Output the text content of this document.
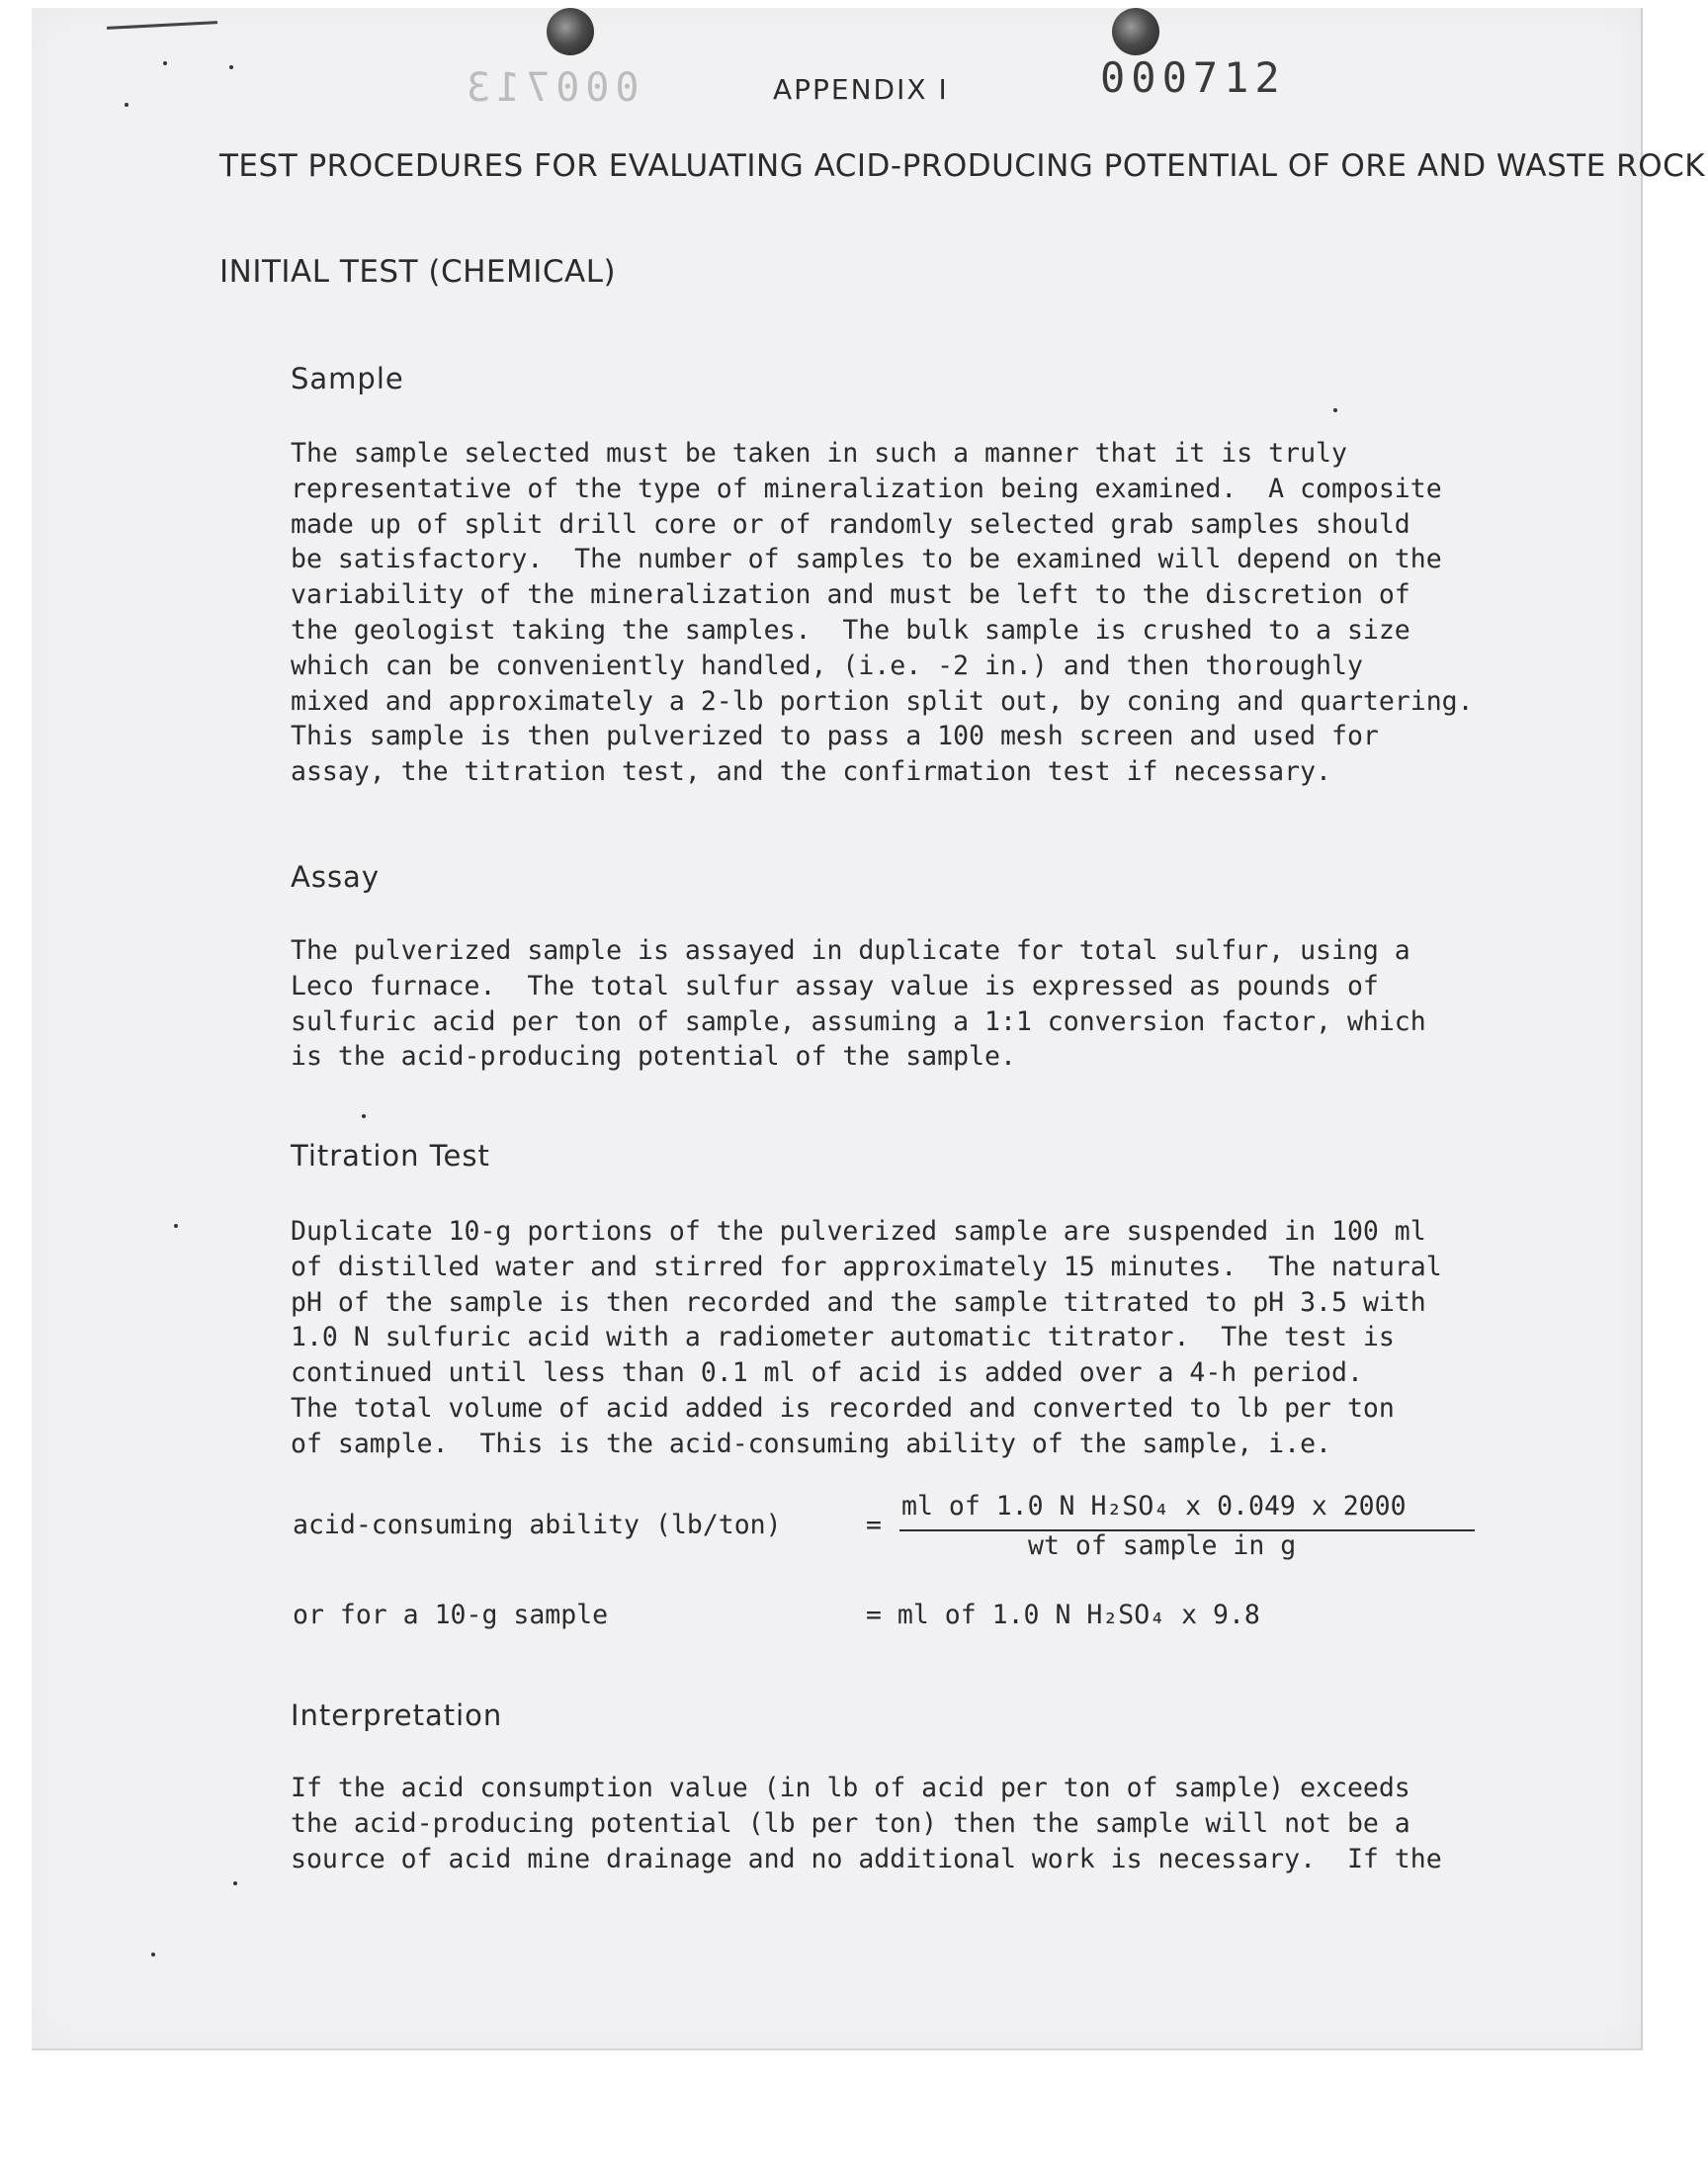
000713	APPENDIX I	000712
TEST PROCEDURES FOR EVALUATING ACID-PRODUCING POTENTIAL OF ORE AND WASTE ROCK
INITIAL TEST (CHEMICAL)
Sample
The sample selected must be taken in such a manner that it is truly
representative of the type of mineralization being examined.  A composite
made up of split drill core or of randomly selected grab samples should
be satisfactory.  The number of samples to be examined will depend on the
variability of the mineralization and must be left to the discretion of
the geologist taking the samples.  The bulk sample is crushed to a size
which can be conveniently handled, (i.e. -2 in.) and then thoroughly
mixed and approximately a 2-lb portion split out, by coning and quartering.
This sample is then pulverized to pass a 100 mesh screen and used for
assay, the titration test, and the confirmation test if necessary.
Assay
The pulverized sample is assayed in duplicate for total sulfur, using a
Leco furnace.  The total sulfur assay value is expressed as pounds of
sulfuric acid per ton of sample, assuming a 1:1 conversion factor, which
is the acid-producing potential of the sample.
Titration Test
Duplicate 10-g portions of the pulverized sample are suspended in 100 ml
of distilled water and stirred for approximately 15 minutes.  The natural
pH of the sample is then recorded and the sample titrated to pH 3.5 with
1.0 N sulfuric acid with a radiometer automatic titrator.  The test is
continued until less than 0.1 ml of acid is added over a 4-h period.
The total volume of acid added is recorded and converted to lb per ton
of sample.  This is the acid-consuming ability of the sample, i.e.
acid-consuming ability (lb/ton)	=
ml of 1.0 N H₂SO₄ x 0.049 x 2000
wt of sample in g
or for a 10-g sample	= ml of 1.0 N H₂SO₄ x 9.8
Interpretation
If the acid consumption value (in lb of acid per ton of sample) exceeds
the acid-producing potential (lb per ton) then the sample will not be a
source of acid mine drainage and no additional work is necessary.  If the
